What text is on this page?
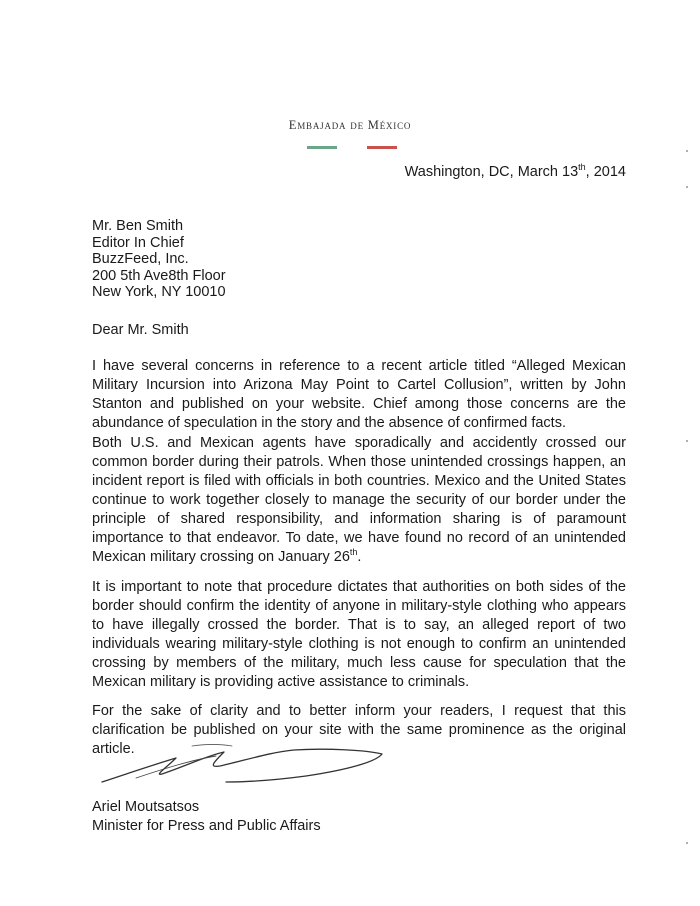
Embajada de México
Washington, DC, March 13th, 2014
Mr. Ben Smith
Editor In Chief
BuzzFeed, Inc.
200 5th Ave8th Floor
New York, NY 10010
Dear Mr. Smith

I have several concerns in reference to a recent article titled “Alleged Mexican Military Incursion into Arizona May Point to Cartel Collusion”, written by John Stanton and published on your website. Chief among those concerns are the abundance of speculation in the story and the absence of confirmed facts.

Both U.S. and Mexican agents have sporadically and accidently crossed our common border during their patrols. When those unintended crossings happen, an incident report is filed with officials in both countries. Mexico and the United States continue to work together closely to manage the security of our border under the principle of shared responsibility, and information sharing is of paramount importance to that endeavor. To date, we have found no record of an unintended Mexican military crossing on January 26th.

It is important to note that procedure dictates that authorities on both sides of the border should confirm the identity of anyone in military-style clothing who appears to have illegally crossed the border. That is to say, an alleged report of two individuals wearing military-style clothing is not enough to confirm an unintended crossing by members of the military, much less cause for speculation that the Mexican military is providing active assistance to criminals.

For the sake of clarity and to better inform your readers, I request that this clarification be published on your site with the same prominence as the original article.

Ariel Moutsatsos
Minister for Press and Public Affairs
